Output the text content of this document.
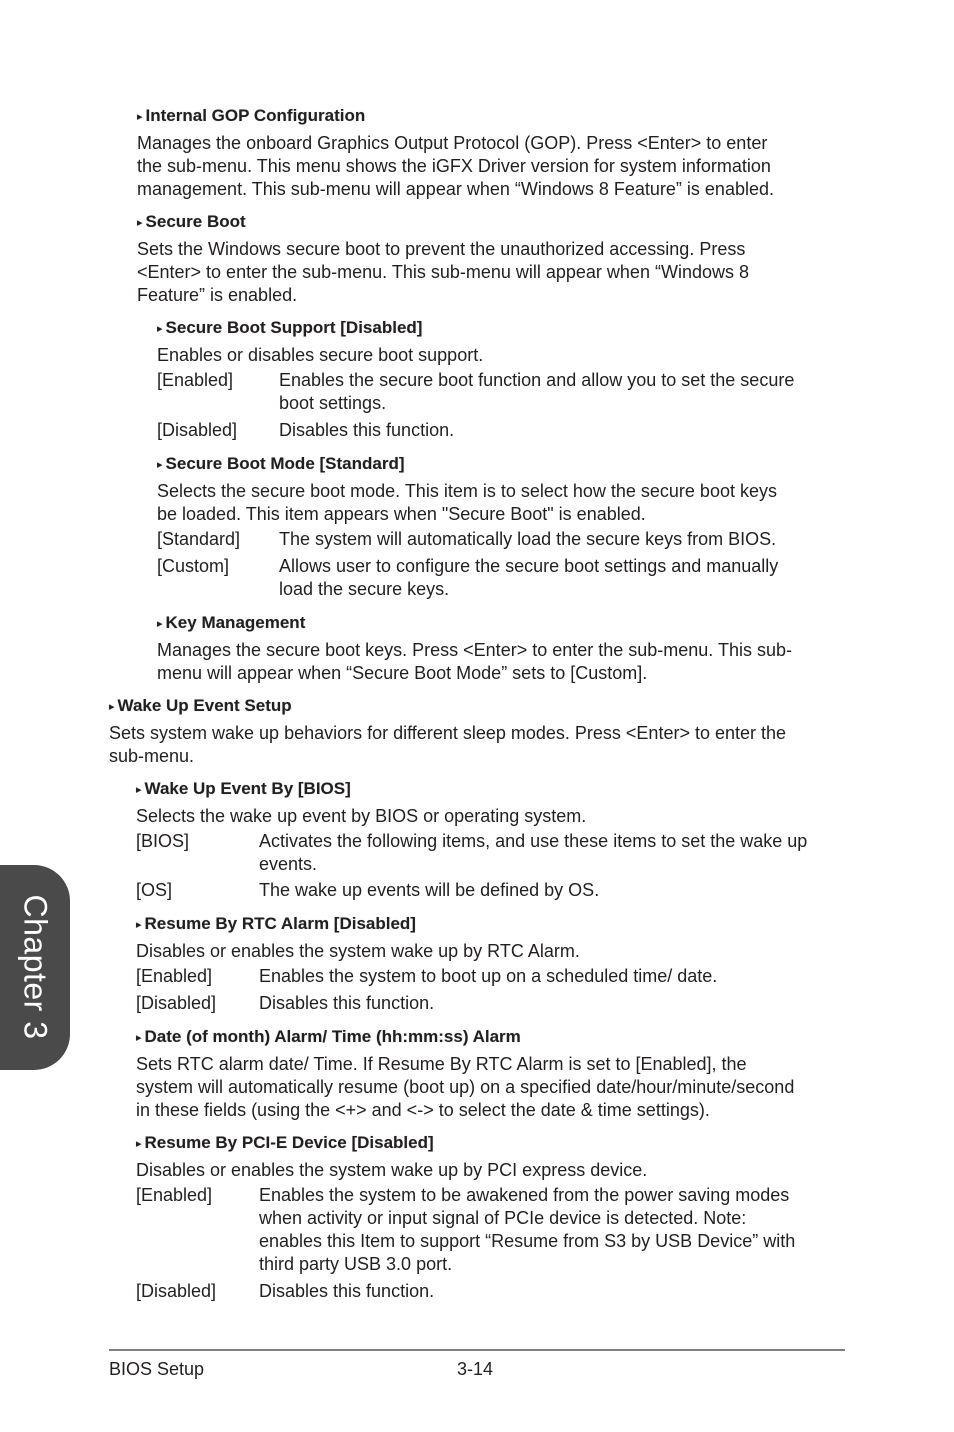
▸ Internal GOP Configuration
Manages the onboard Graphics Output Protocol (GOP). Press <Enter> to enter
the sub-menu. This menu shows the iGFX Driver version for system information
management. This sub-menu will appear when “Windows 8 Feature” is enabled.
▸ Secure Boot
Sets the Windows secure boot to prevent the unauthorized accessing. Press
<Enter> to enter the sub-menu. This sub-menu will appear when “Windows 8
Feature” is enabled.
▸ Secure Boot Support [Disabled]
Enables or disables secure boot support.
[Enabled]	Enables the secure boot function and allow you to set the secure
boot settings.
[Disabled] Disables this function.
▸ Secure Boot Mode [Standard]
Selects the secure boot mode. This item is to select how the secure boot keys
be loaded. This item appears when "Secure Boot" is enabled.
[Standard] The system will automatically load the secure keys from BIOS.
[Custom]	Allows user to configure the secure boot settings and manually
load the secure keys.
▸ Key Management
Manages the secure boot keys. Press <Enter> to enter the sub-menu. This sub-
menu will appear when “Secure Boot Mode” sets to [Custom].
▸ Wake Up Event Setup
Sets system wake up behaviors for different sleep modes. Press <Enter> to enter the
sub-menu.
▸ Wake Up Event By [BIOS]
Selects the wake up event by BIOS or operating system.
[BIOS]	Activates the following items, and use these items to set the wake up
events.
[OS]	The wake up events will be defined by OS.
▸ Resume By RTC Alarm [Disabled]
Disables or enables the system wake up by RTC Alarm.
[Enabled]	Enables the system to boot up on a scheduled time/ date.
[Disabled] Disables this function.
▸ Date (of month) Alarm/ Time (hh:mm:ss) Alarm
Sets RTC alarm date/ Time. If Resume By RTC Alarm is set to [Enabled], the
system will automatically resume (boot up) on a specified date/hour/minute/second
in these fields (using the <+> and <-> to select the date & time settings).
▸ Resume By PCI-E Device [Disabled]
Disables or enables the system wake up by PCI express device.
[Enabled]	Enables the system to be awakened from the power saving modes
when activity or input signal of PCIe device is detected. Note:
enables this Item to support “Resume from S3 by USB Device” with
third party USB 3.0 port.
[Disabled] Disables this function.
Chapter 3
BIOS Setup	3-14
